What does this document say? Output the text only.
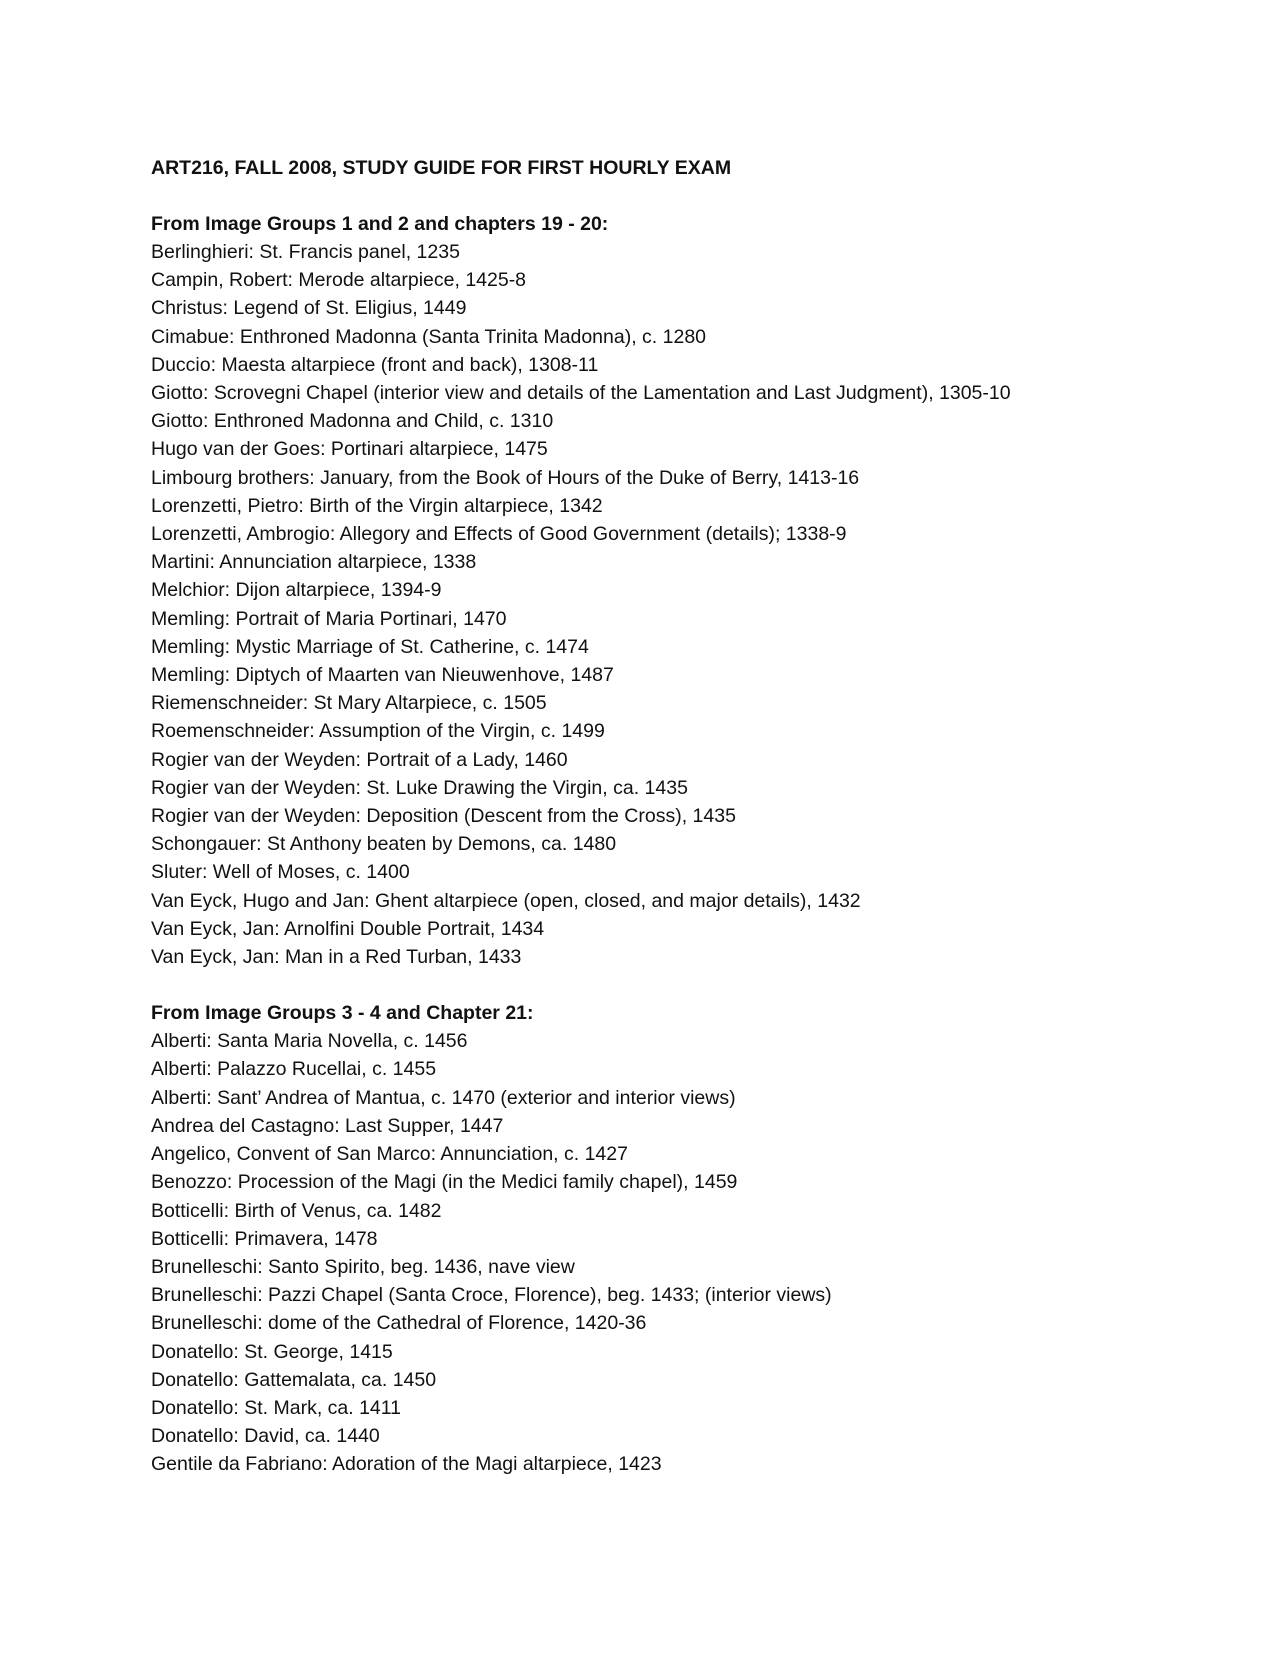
ART216, FALL 2008, STUDY GUIDE FOR FIRST HOURLY EXAM
From Image Groups 1 and 2 and chapters 19 - 20:
Berlinghieri: St. Francis panel, 1235
Campin, Robert: Merode altarpiece, 1425-8
Christus: Legend of St. Eligius, 1449
Cimabue: Enthroned Madonna (Santa Trinita Madonna), c. 1280
Duccio: Maesta altarpiece (front and back), 1308-11
Giotto: Scrovegni Chapel (interior view and details of the Lamentation and Last Judgment), 1305-10
Giotto: Enthroned Madonna and Child, c. 1310
Hugo van der Goes: Portinari altarpiece, 1475
Limbourg brothers: January, from the Book of Hours of the Duke of Berry, 1413-16
Lorenzetti, Pietro: Birth of the Virgin altarpiece, 1342
Lorenzetti, Ambrogio: Allegory and Effects of Good Government (details); 1338-9
Martini: Annunciation altarpiece, 1338
Melchior: Dijon altarpiece, 1394-9
Memling: Portrait of Maria Portinari, 1470
Memling: Mystic Marriage of St. Catherine, c. 1474
Memling: Diptych of Maarten van Nieuwenhove, 1487
Riemenschneider: St Mary Altarpiece, c. 1505
Roemenschneider: Assumption of the Virgin, c. 1499
Rogier van der Weyden: Portrait of a Lady, 1460
Rogier van der Weyden: St. Luke Drawing the Virgin, ca. 1435
Rogier van der Weyden: Deposition (Descent from the Cross), 1435
Schongauer: St Anthony beaten by Demons, ca. 1480
Sluter: Well of Moses, c. 1400
Van Eyck, Hugo and Jan: Ghent altarpiece (open, closed, and major details), 1432
Van Eyck, Jan: Arnolfini Double Portrait, 1434
Van Eyck, Jan: Man in a Red Turban, 1433
From Image Groups 3 - 4 and Chapter 21:
Alberti: Santa Maria Novella, c. 1456
Alberti: Palazzo Rucellai, c. 1455
Alberti: Sant’ Andrea of Mantua, c. 1470 (exterior and interior views)
Andrea del Castagno: Last Supper, 1447
Angelico, Convent of San Marco: Annunciation, c. 1427
Benozzo: Procession of the Magi (in the Medici family chapel), 1459
Botticelli: Birth of Venus, ca. 1482
Botticelli: Primavera, 1478
Brunelleschi: Santo Spirito, beg. 1436, nave view
Brunelleschi: Pazzi Chapel (Santa Croce, Florence), beg. 1433; (interior views)
Brunelleschi: dome of the Cathedral of Florence, 1420-36
Donatello: St. George, 1415
Donatello: Gattemalata, ca. 1450
Donatello: St. Mark, ca. 1411
Donatello: David, ca. 1440
Gentile da Fabriano: Adoration of the Magi altarpiece, 1423
